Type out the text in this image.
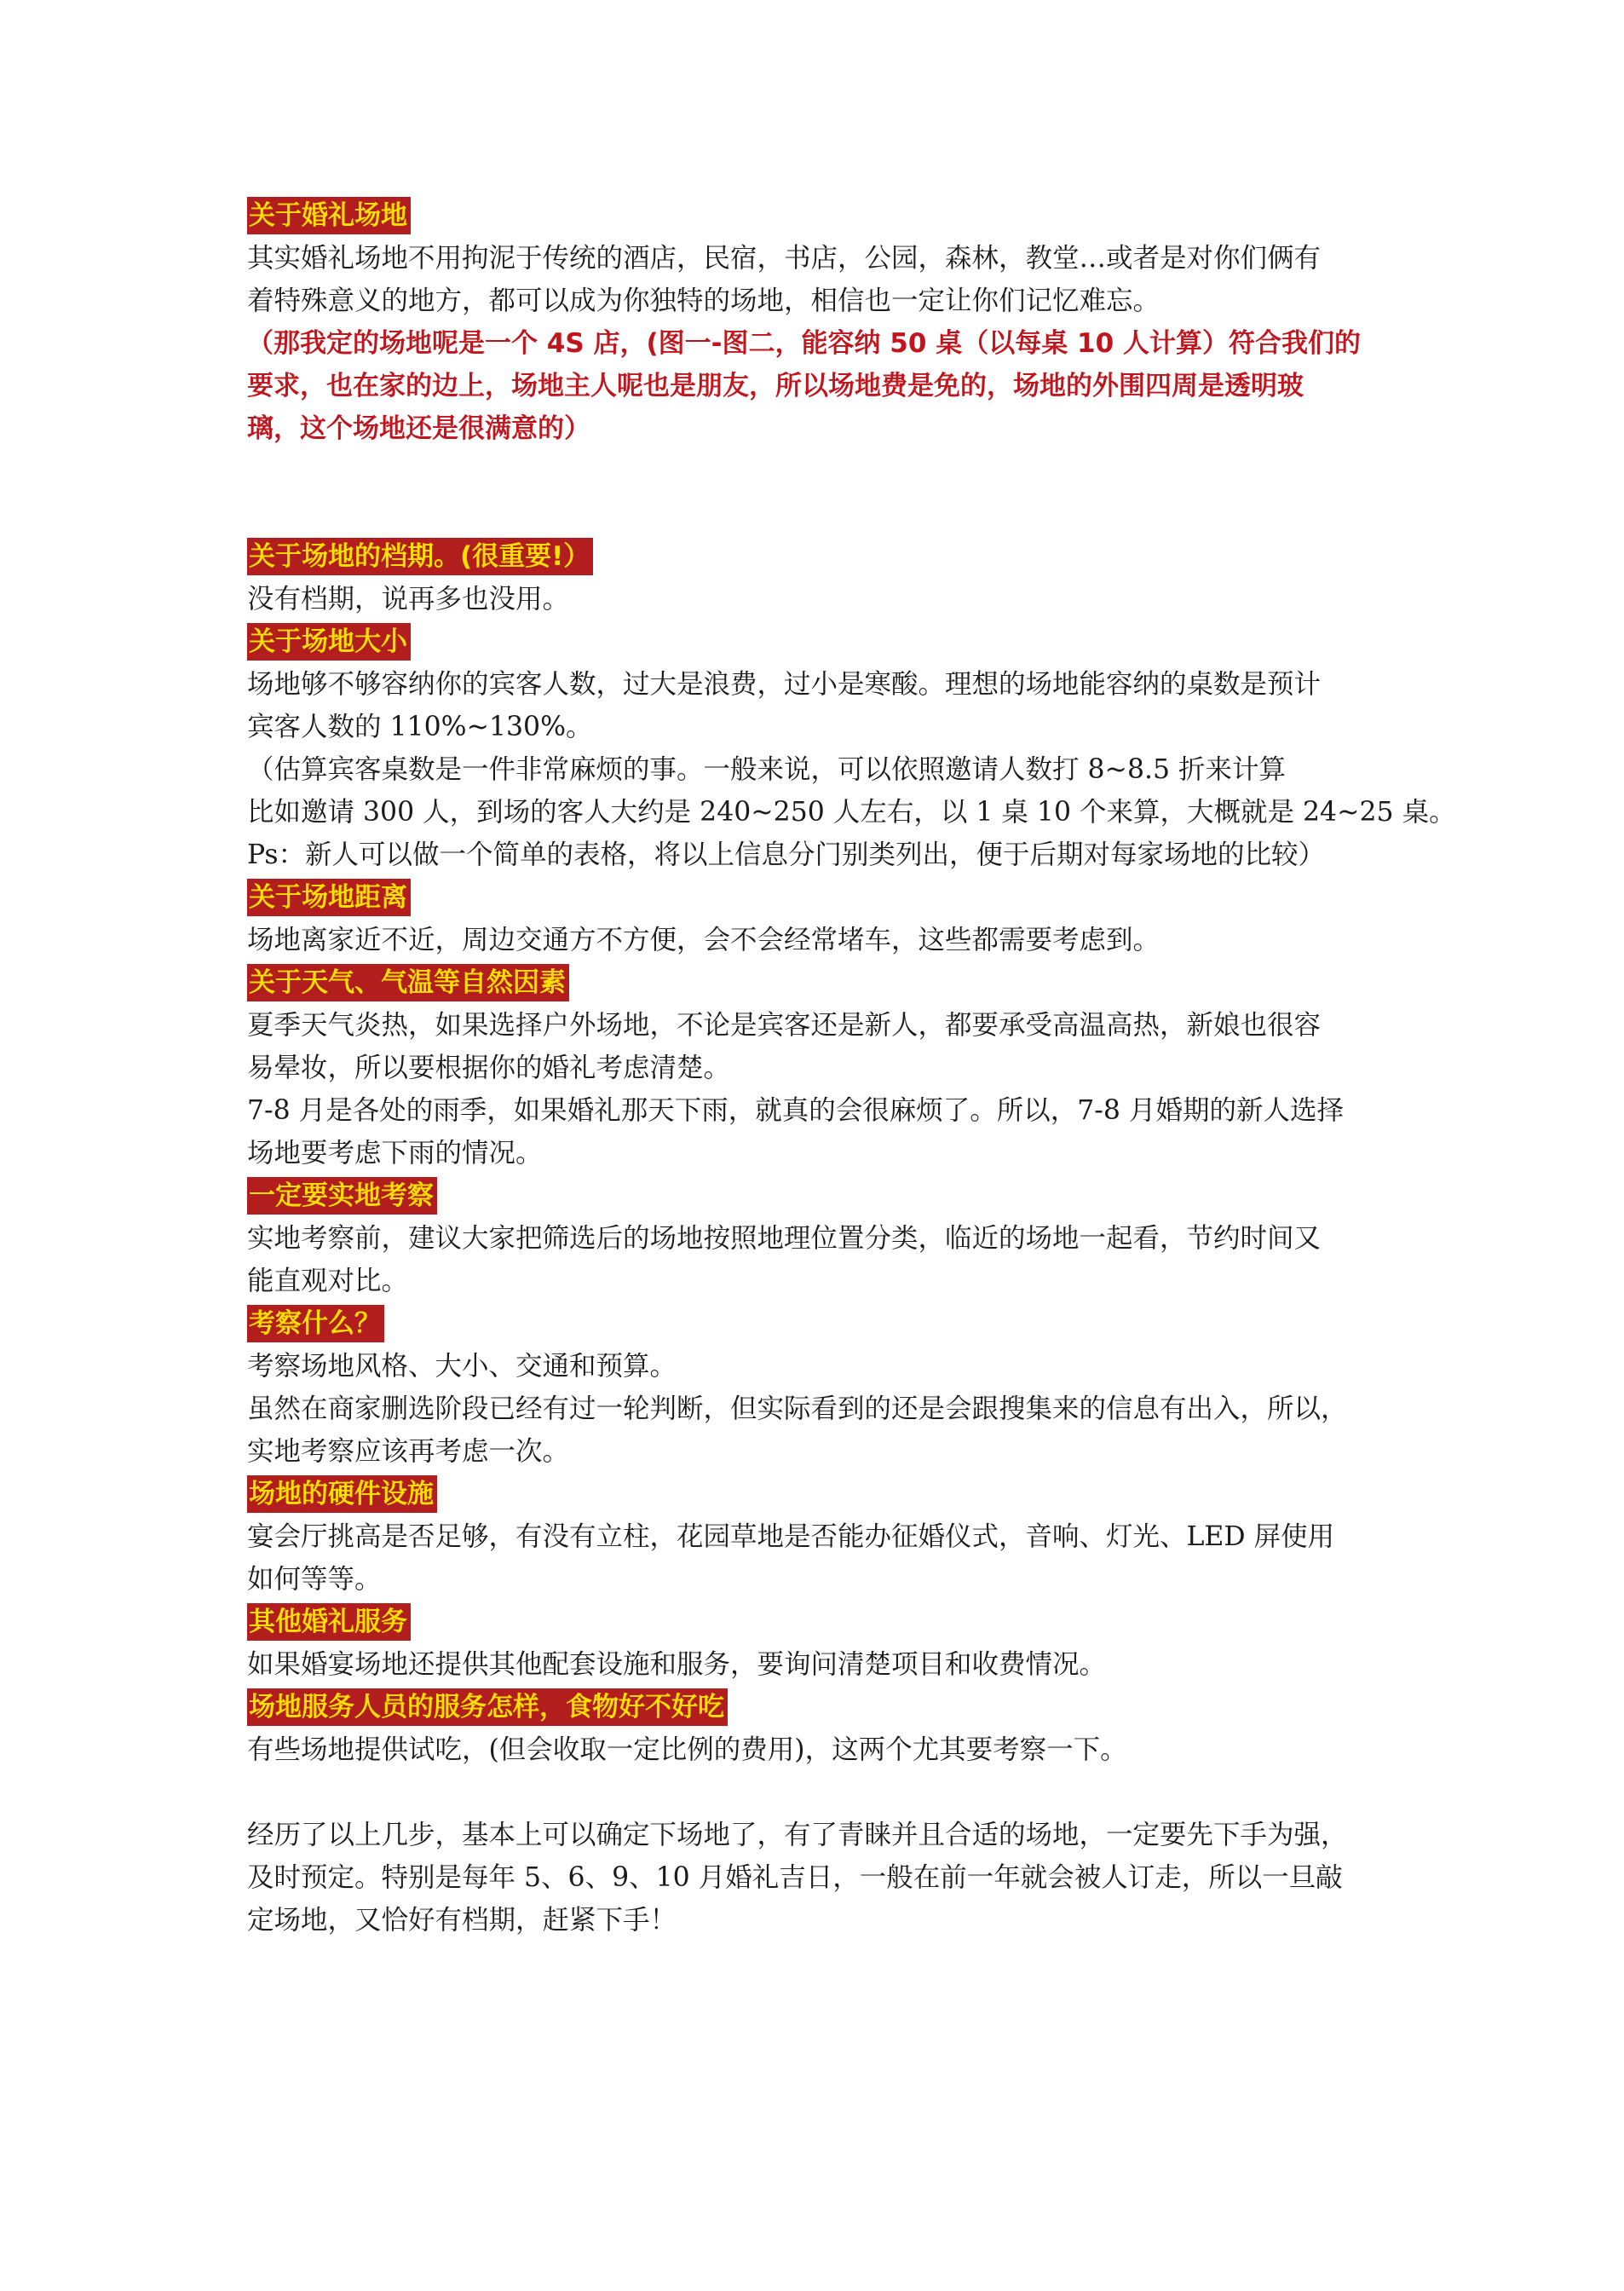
关于婚礼场地

其实婚礼场地不用拘泥于传统的酒店，民宿，书店，公园，森林，教堂…或者是对你们俩有

着特殊意义的地方，都可以成为你独特的场地，相信也一定让你们记忆难忘。

（那我定的场地呢是一个 4S 店，(图一-图二，能容纳 50 桌（以每桌 10 人计算）符合我们的

要求，也在家的边上，场地主人呢也是朋友，所以场地费是免的，场地的外围四周是透明玻

璃，这个场地还是很满意的）

关于场地的档期。(很重要!）

没有档期，说再多也没用。

关于场地大小

场地够不够容纳你的宾客人数，过大是浪费，过小是寒酸。理想的场地能容纳的桌数是预计

宾客人数的 110%~130%。

（估算宾客桌数是一件非常麻烦的事。一般来说，可以依照邀请人数打 8~8.5 折来计算

比如邀请 300 人，到场的客人大约是 240~250 人左右，以 1 桌 10 个来算，大概就是 24~25 桌。

Ps：新人可以做一个简单的表格，将以上信息分门别类列出，便于后期对每家场地的比较）

关于场地距离

场地离家近不近，周边交通方不方便，会不会经常堵车，这些都需要考虑到。

关于天气、气温等自然因素

夏季天气炎热，如果选择户外场地，不论是宾客还是新人，都要承受高温高热，新娘也很容

易晕妆，所以要根据你的婚礼考虑清楚。

7-8 月是各处的雨季，如果婚礼那天下雨，就真的会很麻烦了。所以，7-8 月婚期的新人选择

场地要考虑下雨的情况。

一定要实地考察

实地考察前，建议大家把筛选后的场地按照地理位置分类，临近的场地一起看，节约时间又

能直观对比。

考察什么？

考察场地风格、大小、交通和预算。

虽然在商家删选阶段已经有过一轮判断，但实际看到的还是会跟搜集来的信息有出入，所以，

实地考察应该再考虑一次。

场地的硬件设施

宴会厅挑高是否足够，有没有立柱，花园草地是否能办征婚仪式，音响、灯光、LED 屏使用

如何等等。

其他婚礼服务

如果婚宴场地还提供其他配套设施和服务，要询问清楚项目和收费情况。

场地服务人员的服务怎样，食物好不好吃

有些场地提供试吃，(但会收取一定比例的费用)，这两个尤其要考察一下。

经历了以上几步，基本上可以确定下场地了，有了青睐并且合适的场地，一定要先下手为强，

及时预定。特别是每年 5、6、9、10 月婚礼吉日，一般在前一年就会被人订走，所以一旦敲

定场地，又恰好有档期，赶紧下手！
